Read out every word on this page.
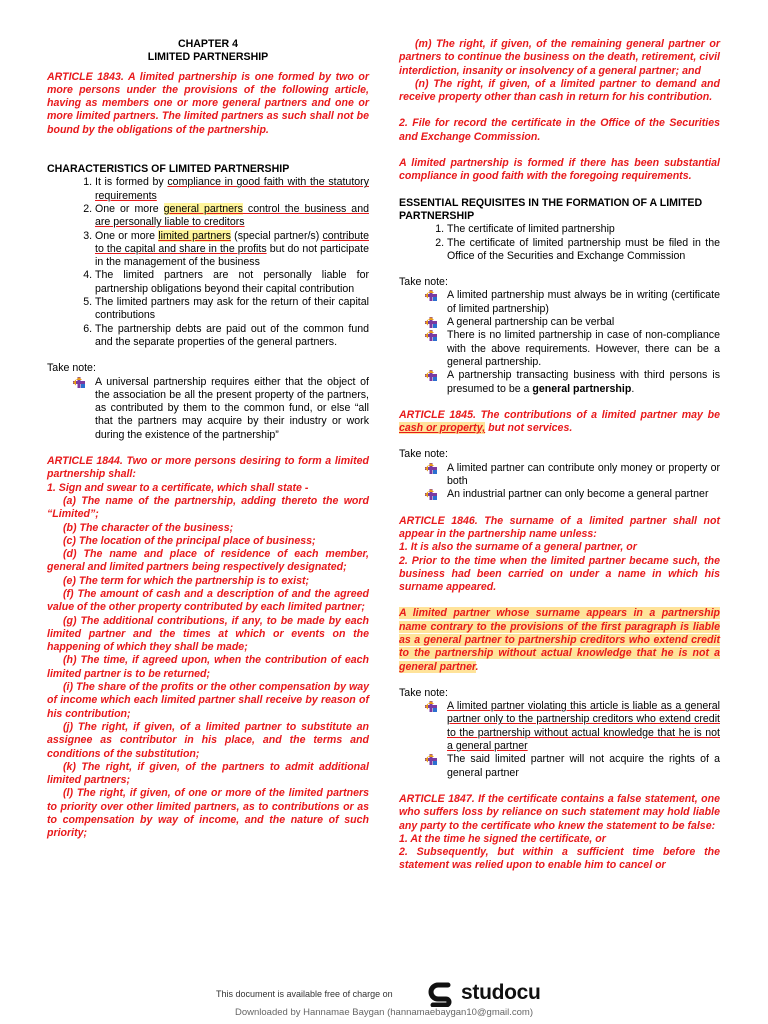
CHAPTER 4

LIMITED PARTNERSHIP

ARTICLE 1843. A limited partnership is one formed by two or more persons under the provisions of the following article, having as members one or more general partners and one or more limited partners. The limited partners as such shall not be bound by the obligations of the partnership.

CHARACTERISTICS OF LIMITED PARTNERSHIP

1. It is formed by compliance in good faith with the statutory requirements
2. One or more general partners control the business and are personally liable to creditors
3. One or more limited partners (special partner/s) contribute to the capital and share in the profits but do not participate in the management of the business
4. The limited partners are not personally liable for partnership obligations beyond their capital contribution
5. The limited partners may ask for the return of their capital contributions
6. The partnership debts are paid out of the common fund and the separate properties of the general partners.

Take note:

A universal partnership requires either that the object of the association be all the present property of the partners, as contributed by them to the common fund, or else “all that the partners may acquire by their industry or work during the existence of the partnership”

ARTICLE 1844. Two or more persons desiring to form a limited partnership shall:

1. Sign and swear to a certificate, which shall state -

(a) The name of the partnership, adding thereto the word “Limited”;

(b) The character of the business;

(c) The location of the principal place of business;

(d) The name and place of residence of each member, general and limited partners being respectively designated;

(e) The term for which the partnership is to exist;

(f) The amount of cash and a description of and the agreed value of the other property contributed by each limited partner;

(g) The additional contributions, if any, to be made by each limited partner and the times at which or events on the happening of which they shall be made;

(h) The time, if agreed upon, when the contribution of each limited partner is to be returned;

(i) The share of the profits or the other compensation by way of income which each limited partner shall receive by reason of his contribution;

(j) The right, if given, of a limited partner to substitute an assignee as contributor in his place, and the terms and conditions of the substitution;

(k) The right, if given, of the partners to admit additional limited partners;

(l) The right, if given, of one or more of the limited partners to priority over other limited partners, as to contributions or as to compensation by way of income, and the nature of such priority;

(m) The right, if given, of the remaining general partner or partners to continue the business on the death, retirement, civil interdiction, insanity or insolvency of a general partner; and

(n) The right, if given, of a limited partner to demand and receive property other than cash in return for his contribution.

2. File for record the certificate in the Office of the Securities and Exchange Commission.

A limited partnership is formed if there has been substantial compliance in good faith with the foregoing requirements.

ESSENTIAL REQUISITES IN THE FORMATION OF A LIMITED PARTNERSHIP

1. The certificate of limited partnership
2. The certificate of limited partnership must be filed in the Office of the Securities and Exchange Commission

Take note:

A limited partnership must always be in writing (certificate of limited partnership)
A general partnership can be verbal
There is no limited partnership in case of non-compliance with the above requirements. However, there can be a general partnership.
A partnership transacting business with third persons is presumed to be a general partnership.

ARTICLE 1845. The contributions of a limited partner may be cash or property, but not services.

Take note:

A limited partner can contribute only money or property or both
An industrial partner can only become a general partner

ARTICLE 1846. The surname of a limited partner shall not appear in the partnership name unless:

1. It is also the surname of a general partner, or

2. Prior to the time when the limited partner became such, the business had been carried on under a name in which his surname appeared.

A limited partner whose surname appears in a partnership name contrary to the provisions of the first paragraph is liable as a general partner to partnership creditors who extend credit to the partnership without actual knowledge that he is not a general partner.

Take note:

A limited partner violating this article is liable as a general partner only to the partnership creditors who extend credit to the partnership without actual knowledge that he is not a general partner
The said limited partner will not acquire the rights of a general partner

ARTICLE 1847. If the certificate contains a false statement, one who suffers loss by reliance on such statement may hold liable any party to the certificate who knew the statement to be false:

1. At the time he signed the certificate, or

2. Subsequently, but within a sufficient time before the statement was relied upon to enable him to cancel or

This document is available free of charge on	studocu
Downloaded by Hannamae Baygan (hannamaebaygan10@gmail.com)
